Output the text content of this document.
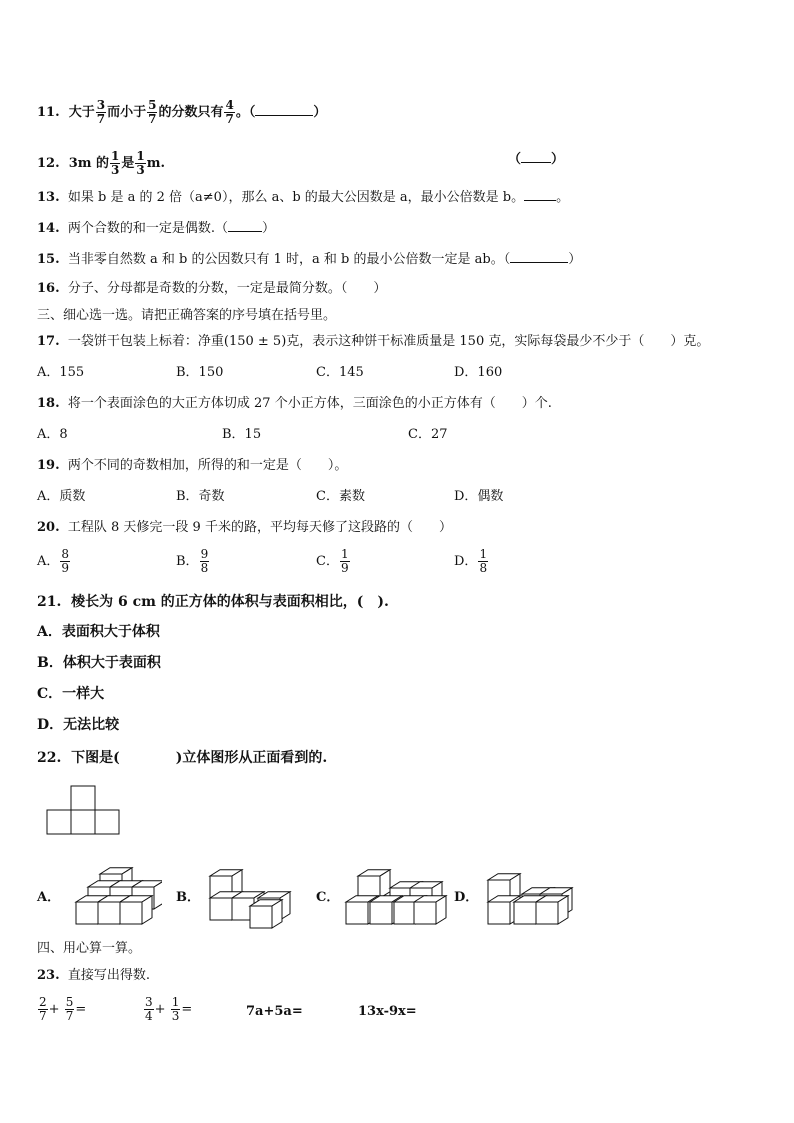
11. 大于 $\frac{3}{7}$ 而小于 $\frac{5}{7}$ 的分数只有 $\frac{4}{7}$ 。（	）
12. 3m 的 $\frac{1}{3}$ 是 $\frac{1}{3} m$.	（ ）
13. 如果 b 是 a 的 2 倍（a≠0），那么 a、b 的最大公因数是 a，最小公倍数是 b。 。
14. 两个合数的和一定是偶数.（	）
15. 当非零自然数 a 和 b 的公因数只有 1 时，a 和 b 的最小公倍数一定是 ab。（	）
16. 分子、分母都是奇数的分数，一定是最简分数。（　　）
三、细心选一选。请把正确答案的序号填在括号里。
17. 一袋饼干包装上标着：净重(150 ± 5)克，表示这种饼干标准质量是 150 克，实际每袋最少不少于（　　）克。
A．155	B．150	C．145	D．160
18. 将一个表面涂色的大正方体切成 27 个小正方体，三面涂色的小正方体有（　　）个.
A．8	B．15	C．27
19. 两个不同的奇数相加，所得的和一定是（　　）。
A．质数	B．奇数	C．素数	D．偶数
20. 工程队 8 天修完一段 9 千米的路，平均每天修了这段路的（　　）
A． $\frac{8}{9}$	B． $\frac{9}{8}$	C． $\frac{1}{9}$	D． $\frac{1}{8}$
21. 棱长为 6 cm 的正方体的体积与表面积相比，(　).
A．表面积大于体积
B．体积大于表面积
C．一样大
D．无法比较
22. 下图是(　　　　)立体图形从正面看到的.
A．	B．	C．	D．
四、用心算一算。
23. 直接写出得数.
$\frac{2}{7} + \frac{5}{7}$ =	$\frac{3}{4} + \frac{1}{3}$ =	7a+5a=	13x-9x=
